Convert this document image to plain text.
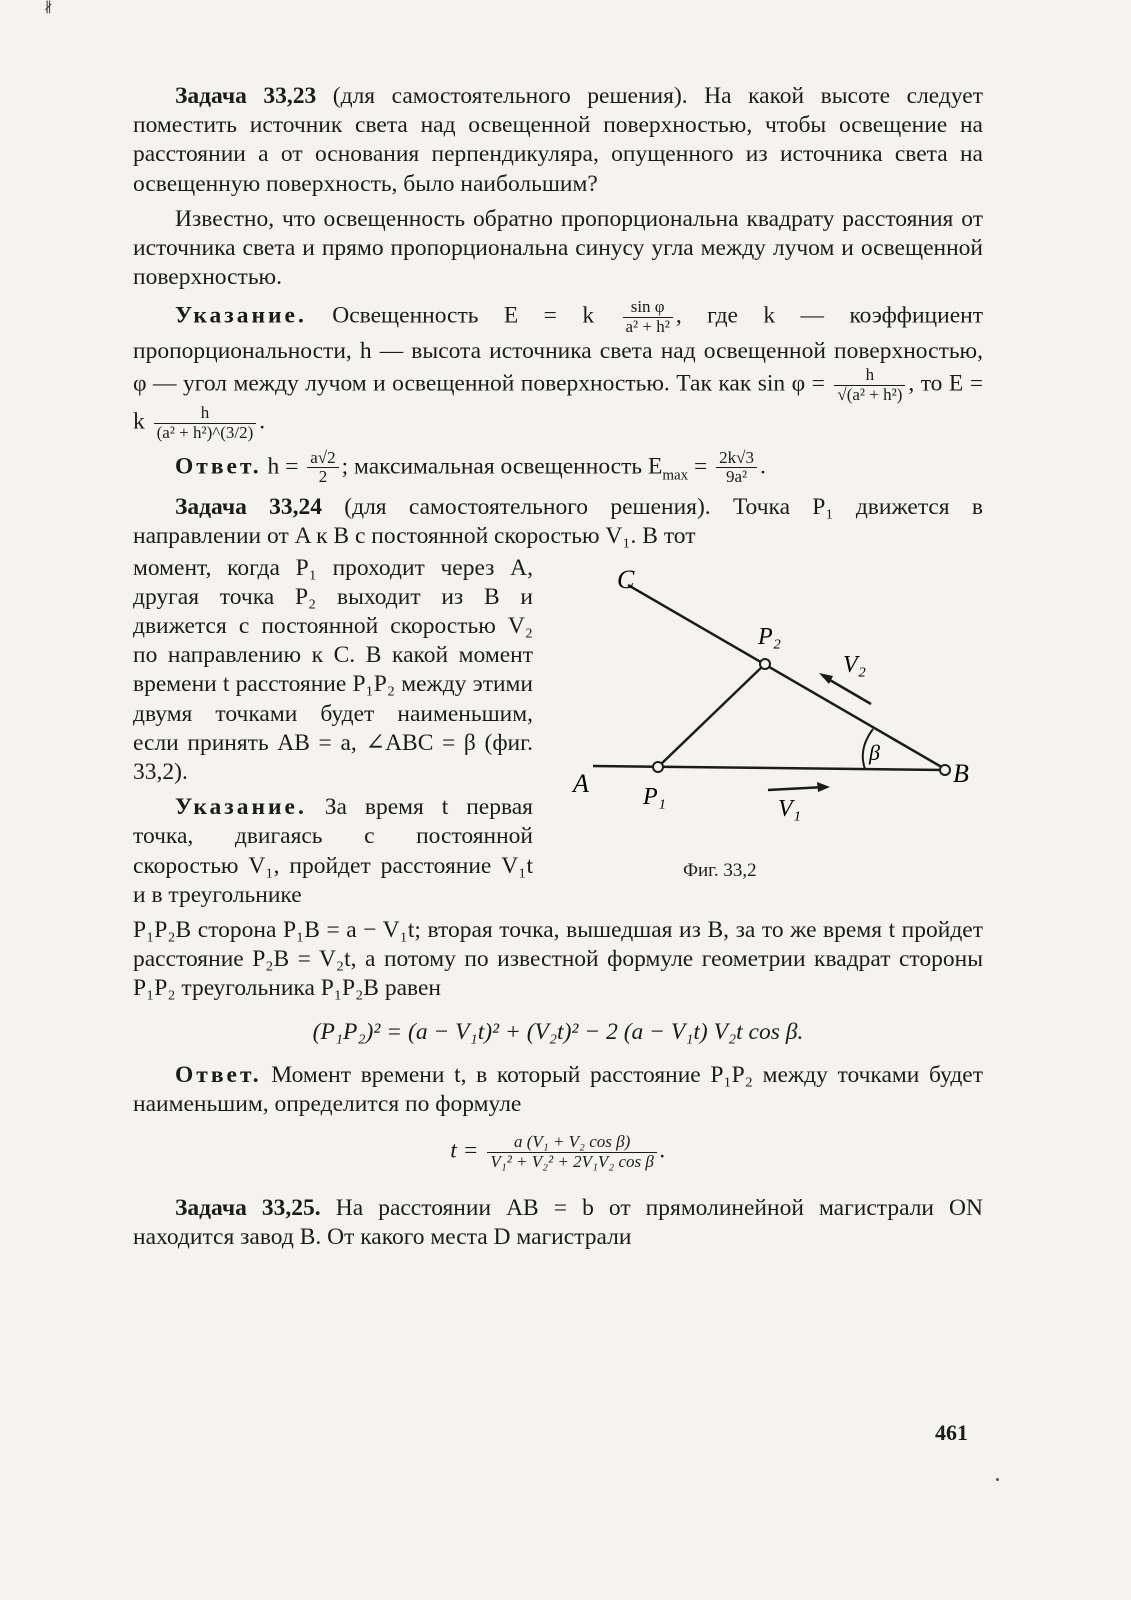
∦

Задача 33,23 (для самостоятельного решения). На какой высоте следует поместить источник света над освещенной поверхностью, чтобы освещение на расстоянии a от основания перпендикуляра, опущенного из источника света на освещенную поверхность, было наибольшим?

Известно, что освещенность обратно пропорциональна квадрату расстояния от источника света и прямо пропорциональна синусу угла между лучом и освещенной поверхностью.

Указание. Освещенность E = k $\frac{\text{sin φ}}{\text{a² + h²}}$ , где k — коэффициент пропорциональности, h — высота источника света над освещенной поверхностью, φ — угол между лучом и освещенной поверхностью. Так как $\sin \varphi = \frac{h}{\text{√(a² + h²)}}$ , то E = k $\frac{h}{\text{(a² + h²)\textasciicircum{}(3/2)}}$ .

Ответ. $h = \frac{a√2}{2}$ ; максимальная освещенность $E_{max} = \frac{2k√3}{\text{9a²}}$ .

Задача 33,24 (для самостоятельного решения). Точка P₁ движется в направлении от A к B с постоянной скоростью V₁. В тот

момент, когда P₁ проходит через A, другая точка P₂ выходит из B и движется с постоянной скоростью V₂ по направлению к C. В какой момент времени t расстояние P₁P₂ между этими двумя точками будет наименьшим, если принять AB = a, ∠ABC = β (фиг. 33,2).

Указание. За время t первая точка, двигаясь с постоянной скоростью V₁, пройдет расстояние V₁t и в треугольнике

C
A	B
P₁
P₂
V₂
V₁
β
Фиг. 33,2

P₁P₂B сторона P₁B = a − V₁t; вторая точка, вышедшая из B, за то же время t пройдет расстояние P₂B = V₂t, а потому по известной формуле геометрии квадрат стороны P₁P₂ треугольника P₁P₂B равен

(P₁P₂)² = (a − V₁t)² + (V₂t)² − 2 (a − V₁t) V₂t cos β.

Ответ. Момент времени t, в который расстояние P₁P₂ между точками будет наименьшим, определится по формуле

$t = \frac{\text{a (V₁ + V₂ cos β)}}{\text{V₁² + V₂² + 2V₁V₂ cos β}}$ .

Задача 33,25. На расстоянии AB = b от прямолинейной магистрали ON находится завод B. От какого места D магистрали

461
